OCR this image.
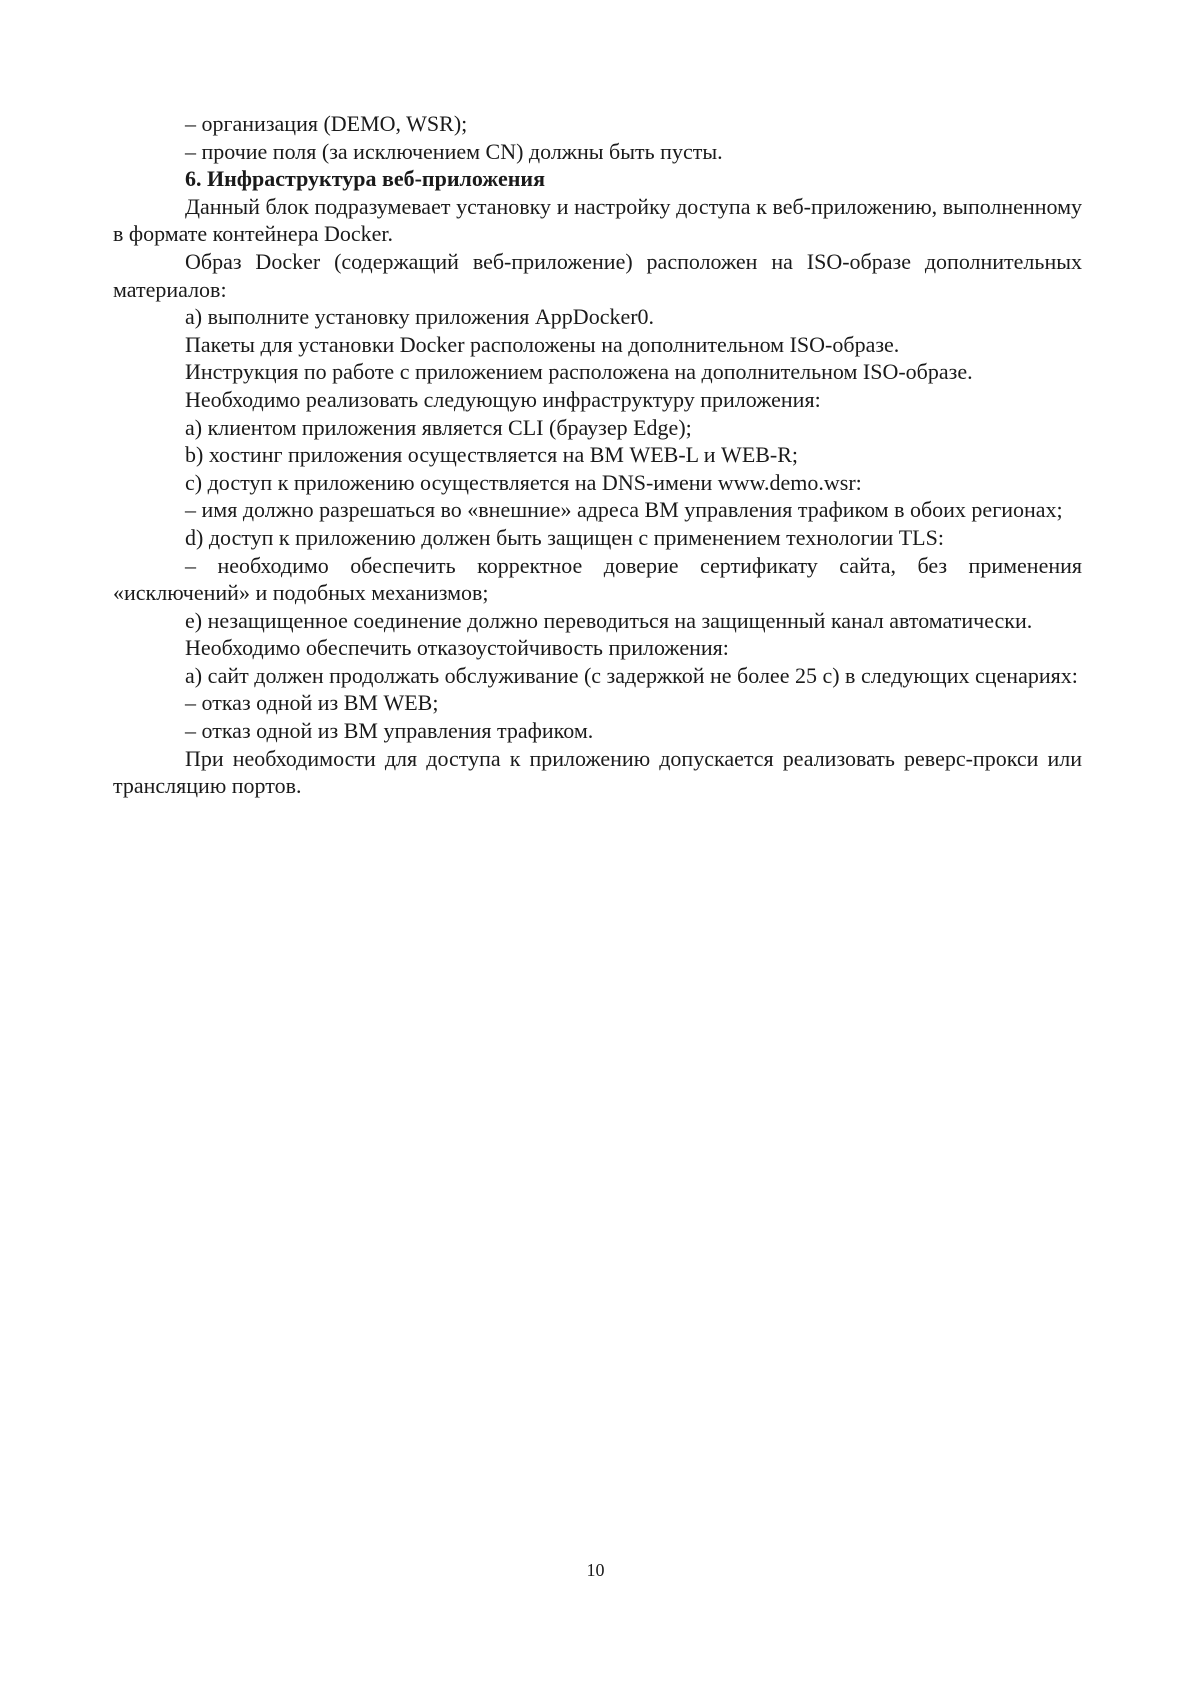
– организация (DEMO, WSR);

– прочие поля (за исключением CN) должны быть пусты.

6. Инфраструктура веб-приложения

Данный блок подразумевает установку и настройку доступа к веб-приложению, выполненному в формате контейнера Docker.

Образ Docker (содержащий веб-приложение) расположен на ISO-образе дополнительных материалов:

a) выполните установку приложения AppDocker0.

Пакеты для установки Docker расположены на дополнительном ISO-образе.

Инструкция по работе с приложением расположена на дополнительном ISO-образе.

Необходимо реализовать следующую инфраструктуру приложения:

a) клиентом приложения является CLI (браузер Edge);

b) хостинг приложения осуществляется на ВМ WEB-L и WEB-R;

c) доступ к приложению осуществляется на DNS-имени www.demo.wsr:

– имя должно разрешаться во «внешние» адреса ВМ управления трафиком в обоих регионах;

d) доступ к приложению должен быть защищен с применением технологии TLS:

– необходимо обеспечить корректное доверие сертификату сайта, без применения «исключений» и подобных механизмов;

e) незащищенное соединение должно переводиться на защищенный канал автоматически.

Необходимо обеспечить отказоустойчивость приложения:

a) сайт должен продолжать обслуживание (с задержкой не более 25 с) в следующих сценариях:

– отказ одной из ВМ WEB;

– отказ одной из ВМ управления трафиком.

При необходимости для доступа к приложению допускается реализовать реверс-прокси или трансляцию портов.

10
